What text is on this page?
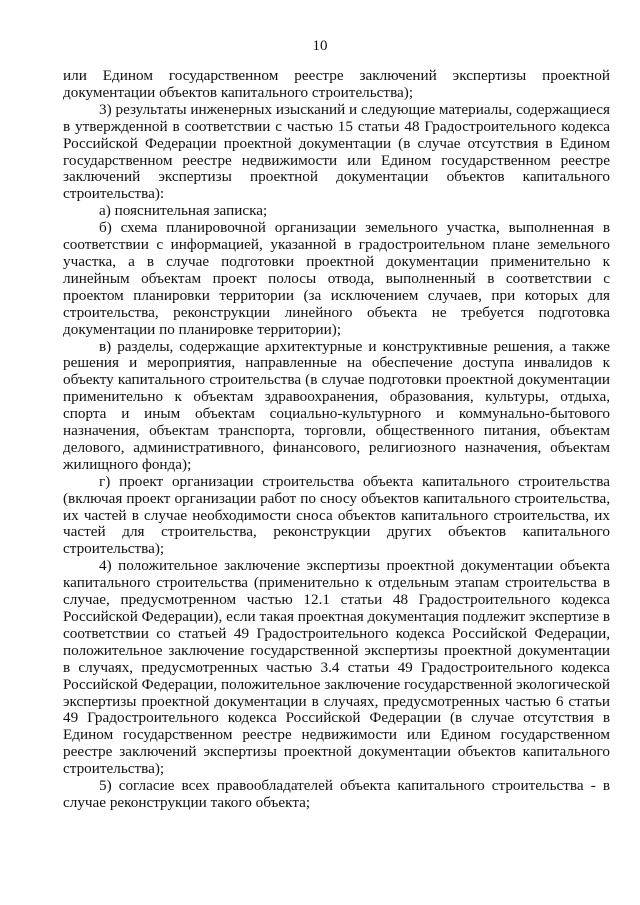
10

или Едином государственном реестре заключений экспертизы проектной документации объектов капитального строительства);

3) результаты инженерных изысканий и следующие материалы, содержащиеся в утвержденной в соответствии с частью 15 статьи 48 Градостроительного кодекса Российской Федерации проектной документации (в случае отсутствия в Едином государственном реестре недвижимости или Едином государственном реестре заключений экспертизы проектной документации объектов капитального строительства):

а) пояснительная записка;

б) схема планировочной организации земельного участка, выполненная в соответствии с информацией, указанной в градостроительном плане земельного участка, а в случае подготовки проектной документации применительно к линейным объектам проект полосы отвода, выполненный в соответствии с проектом планировки территории (за исключением случаев, при которых для строительства, реконструкции линейного объекта не требуется подготовка документации по планировке территории);

в) разделы, содержащие архитектурные и конструктивные решения, а также решения и мероприятия, направленные на обеспечение доступа инвалидов к объекту капитального строительства (в случае подготовки проектной документации применительно к объектам здравоохранения, образования, культуры, отдыха, спорта и иным объектам социально-культурного и коммунально-бытового назначения, объектам транспорта, торговли, общественного питания, объектам делового, административного, финансового, религиозного назначения, объектам жилищного фонда);

г) проект организации строительства объекта капитального строительства (включая проект организации работ по сносу объектов капитального строительства, их частей в случае необходимости сноса объектов капитального строительства, их частей для строительства, реконструкции других объектов капитального строительства);

4) положительное заключение экспертизы проектной документации объекта капитального строительства (применительно к отдельным этапам строительства в случае, предусмотренном частью 12.1 статьи 48 Градостроительного кодекса Российской Федерации), если такая проектная документация подлежит экспертизе в соответствии со статьей 49 Градостроительного кодекса Российской Федерации, положительное заключение государственной экспертизы проектной документации в случаях, предусмотренных частью 3.4 статьи 49 Градостроительного кодекса Российской Федерации, положительное заключение государственной экологической экспертизы проектной документации в случаях, предусмотренных частью 6 статьи 49 Градостроительного кодекса Российской Федерации (в случае отсутствия в Едином государственном реестре недвижимости или Едином государственном реестре заключений экспертизы проектной документации объектов капитального строительства);

5) согласие всех правообладателей объекта капитального строительства - в случае реконструкции такого объекта;
